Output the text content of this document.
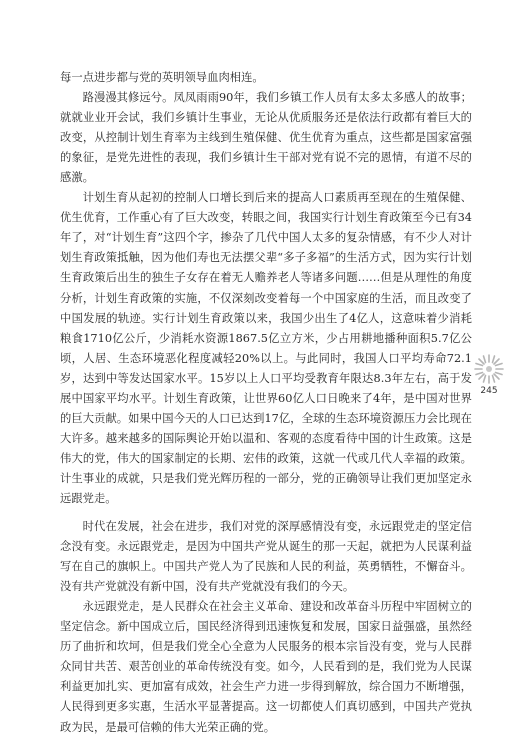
每一点进步都与党的英明领导血肉相连。

路漫漫其修远兮。凤凤雨雨90年，我们乡镇工作人员有太多太多感人的故事；就就业业开会试，我们乡镇计生事业，无论从优质服务还是依法行政都有着巨大的改变，从控制计划生育率为主线到生殖保健、优生优育为重点，这些都是国家富强的象征，是党先进性的表现，我们乡镇计生干部对党有说不完的恩情，有道不尽的感激。

计划生育从起初的控制人口增长到后来的提高人口素质再至现在的生殖保健、优生优育，工作重心有了巨大改变，转眼之间，我国实行计划生育政策至今已有34年了，对“计划生育”这四个字，掺杂了几代中国人太多的复杂情感，有不少人对计划生育政策抵触，因为他们寿也无法摆父辈“多子多福”的生活方式，因为实行计划生育政策后出生的独生子女存在着无人赡养老人等诸多问题……但是从理性的角度分析，计划生育政策的实施，不仅深刻改变着每一个中国家庭的生活，而且改变了中国发展的轨迹。实行计划生育政策以来，我国少出生了4亿人，这意味着少消耗粮食1710亿公斤，少消耗水资源1867.5亿立方米，少占用耕地播种面积5.7亿公顷，人居、生态环境恶化程度减轻20%以上。与此同时，我国人口平均寿命72.1岁，达到中等发达国家水平。15岁以上人口平均受教育年限达8.3年左右，高于发展中国家平均水平。计划生育政策，让世界60亿人口日晚来了4年，是中国对世界的巨大贡献。如果中国今天的人口已达到17亿，全球的生态环境资源压力会比现在大许多。越来越多的国际舆论开始以温和、客观的态度看待中国的计生政策。这是伟大的党，伟大的国家制定的长期、宏伟的政策，这就一代或几代人幸福的政策。计生事业的成就，只是我们党光辉历程的一部分，党的正确领导让我们更加坚定永远跟党走。

时代在发展，社会在进步，我们对党的深厚感情没有变，永远跟党走的坚定信念没有变。永远跟党走，是因为中国共产党从诞生的那一天起，就把为人民谋利益写在自己的旗帜上。中国共产党人为了民族和人民的利益，英勇牺牲，不懈奋斗。没有共产党就没有新中国，没有共产党就没有我们的今天。

永远跟党走，是人民群众在社会主义革命、建设和改革奋斗历程中牢固树立的坚定信念。新中国成立后，国民经济得到迅速恢复和发展，国家日益强盛，虽然经历了曲折和坎坷，但是我们党全心全意为人民服务的根本宗旨没有变，党与人民群众同甘共苦、艰苦创业的革命传统没有变。如今，人民看到的是，我们党为人民谋利益更加扎实、更加富有成效，社会生产力进一步得到解放，综合国力不断增强，人民得到更多实惠，生活水平显著提高。这一切都使人们真切感到，中国共产党执政为民，是最可信赖的伟大光荣正确的党。

245
